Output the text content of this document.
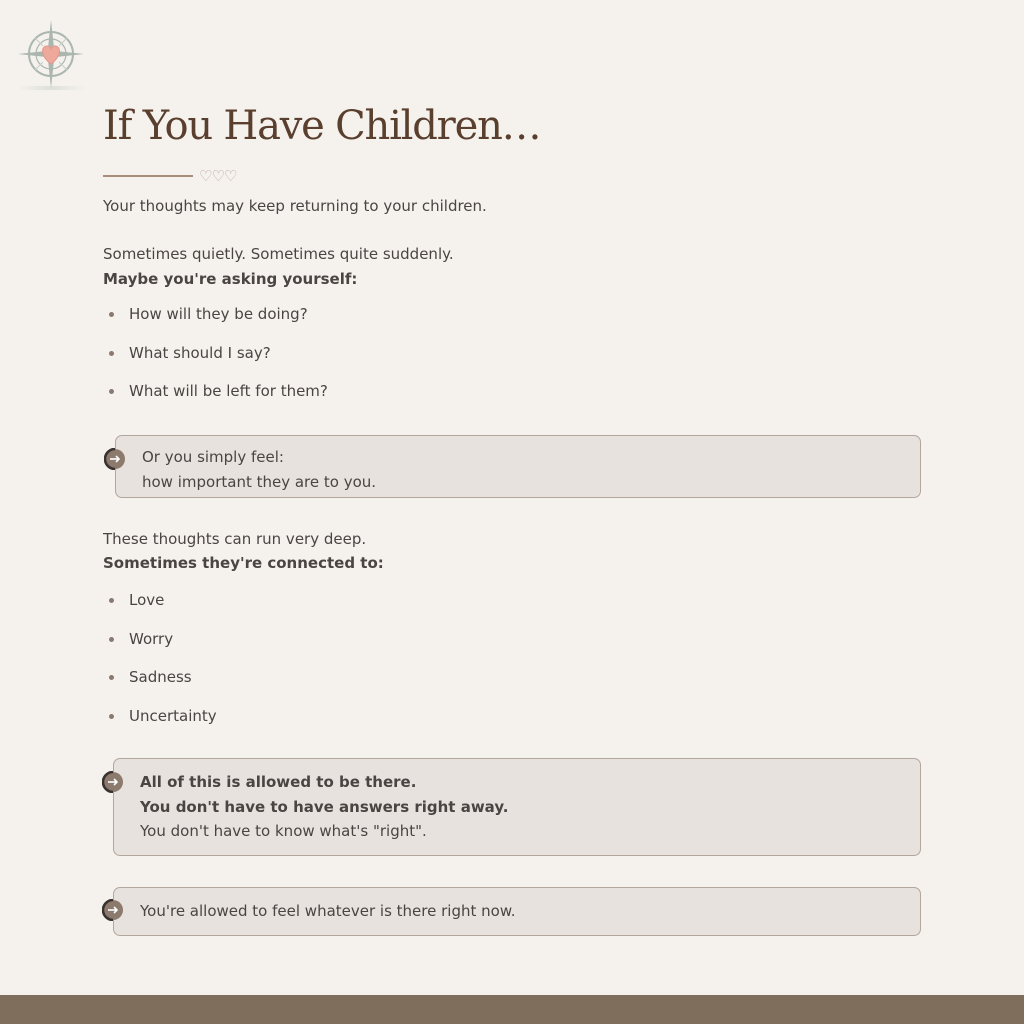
If You Have Children…
♡♡♡

Your thoughts may keep returning to your children.

Sometimes quietly. Sometimes quite suddenly.

Maybe you're asking yourself:

How will they be doing?
What should I say?
What will be left for them?
Or you simply feel:
how important they are to you.

These thoughts can run very deep.

Sometimes they're connected to:

Love
Worry
Sadness
Uncertainty
All of this is allowed to be there.
You don't have to have answers right away.
You don't have to know what's "right".
You're allowed to feel whatever is there right now.
